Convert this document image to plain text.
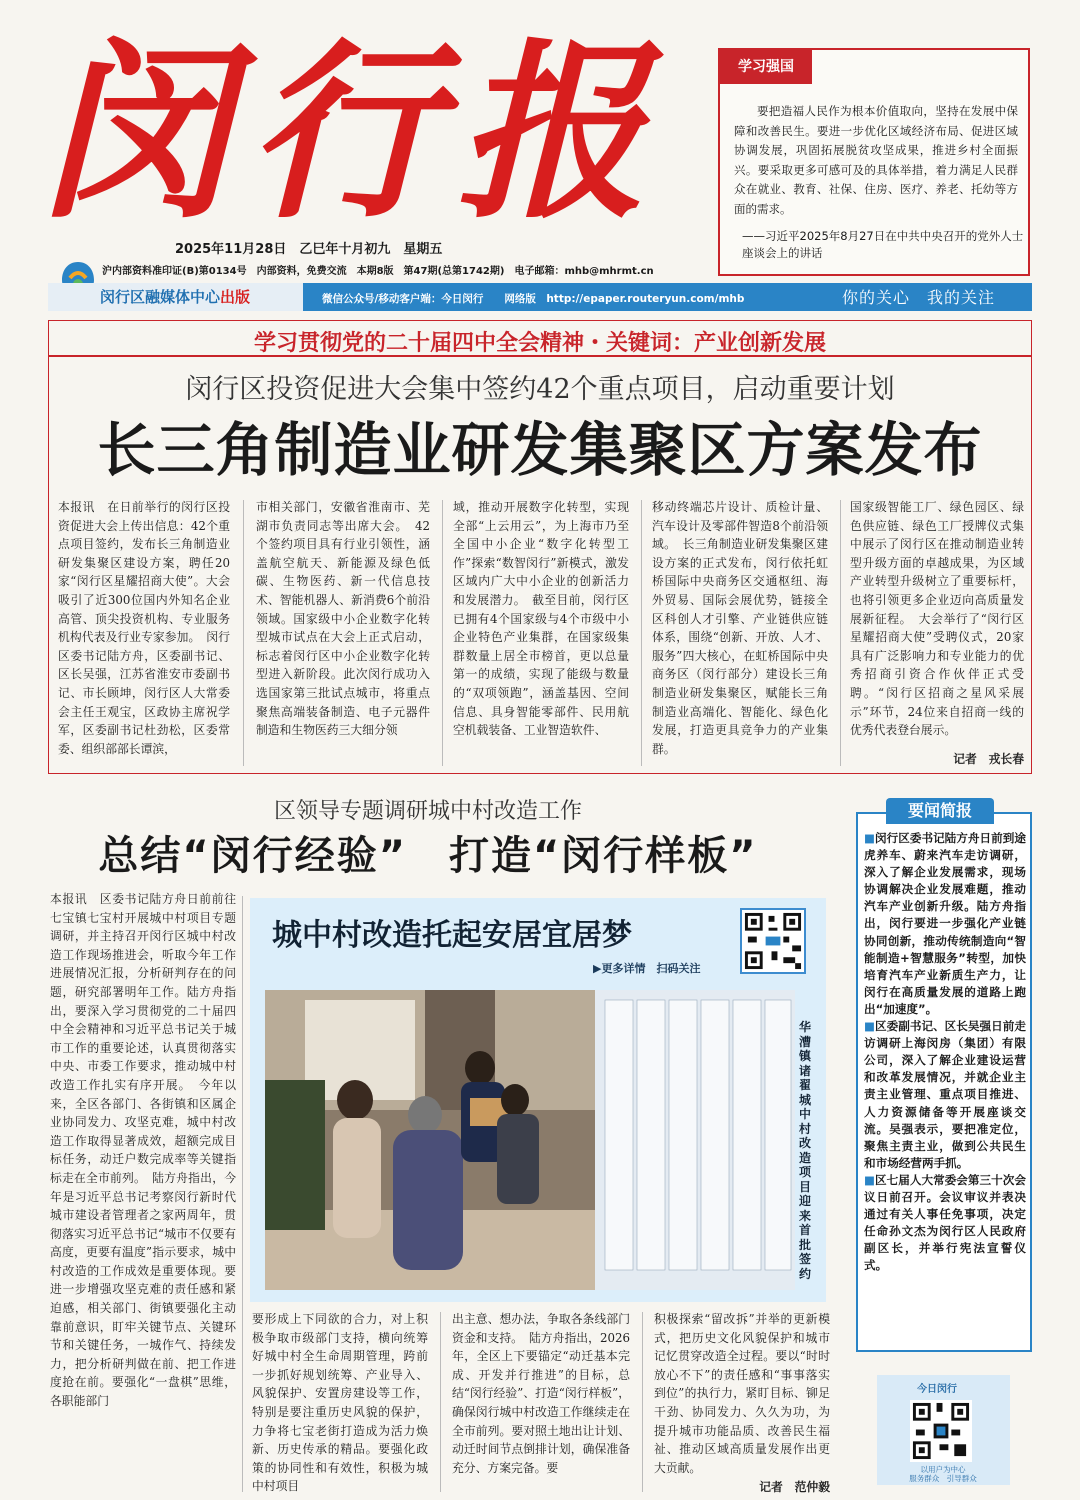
闵行报
2025年11月28日　乙巳年十月初九　星期五
学习强国
要把造福人民作为根本价值取向，坚持在发展中保障和改善民生。要进一步优化区域经济布局、促进区域协调发展，巩固拓展脱贫攻坚成果，推进乡村全面振兴。要采取更多可感可及的具体举措，着力满足人民群众在就业、教育、社保、住房、医疗、养老、托幼等方面的需求。
——习近平2025年8月27日在中共中央召开的党外人士座谈会上的讲话
沪内部资料准印证(B)第0134号　内部资料，免费交流　本期8版　第47期(总第1742期)　电子邮箱：mhb@mhrmt.cn
闵行区融媒体中心出版	微信公众号/移动客户端：今日闵行　　网络版　http://epaper.routeryun.com/mhb	你的关心　我的关注
学习贯彻党的二十届四中全会精神・关键词：产业创新发展
闵行区投资促进大会集中签约42个重点项目，启动重要计划
长三角制造业研发集聚区方案发布
本报讯　在日前举行的闵行区投资促进大会上传出信息：42个重点项目签约，发布长三角制造业研发集聚区建设方案，聘任20家“闵行区星耀招商大使”。大会吸引了近300位国内外知名企业高管、顶尖投资机构、专业服务机构代表及行业专家参加。　闵行区委书记陆方舟，区委副书记、区长吴强，江苏省淮安市委副书记、市长顾坤，闵行区人大常委会主任王观宝，区政协主席祝学军，区委副书记杜劲松，区委常委、组织部部长谭滨，
市相关部门，安徽省淮南市、芜湖市负责同志等出席大会。　42个签约项目具有行业引领性，涵盖航空航天、新能源及绿色低碳、生物医药、新一代信息技术、智能机器人、新消费6个前沿领域。国家级中小企业数字化转型城市试点在大会上正式启动，标志着闵行区中小企业数字化转型进入新阶段。此次闵行成功入选国家第三批试点城市，将重点聚焦高端装备制造、电子元器件制造和生物医药三大细分领
域，推动开展数字化转型，实现全部“上云用云”，为上海市乃至全国中小企业“数字化转型工作”探索“数智闵行”新模式，激发区域内广大中小企业的创新活力和发展潜力。　截至目前，闵行区已拥有4个国家级与4个市级中小企业特色产业集群，在国家级集群数量上居全市榜首，更以总量第一的成绩，实现了能级与数量的“双项领跑”，涵盖基因、空间信息、具身智能零部件、民用航空机载装备、工业智造软件、
移动终端芯片设计、质检计量、汽车设计及零部件智造8个前沿领域。　长三角制造业研发集聚区建设方案的正式发布，闵行依托虹桥国际中央商务区交通枢纽、海外贸易、国际会展优势，链接全区科创人才引擎、产业链供应链体系，围绕“创新、开放、人才、服务”四大核心，在虹桥国际中央商务区（闵行部分）建设长三角制造业研发集聚区，赋能长三角制造业高端化、智能化、绿色化发展，打造更具竞争力的产业集群。
国家级智能工厂、绿色园区、绿色供应链、绿色工厂授牌仪式集中展示了闵行区在推动制造业转型升级方面的卓越成果，为区域产业转型升级树立了重要标杆，也将引领更多企业迈向高质量发展新征程。　大会举行了“闵行区星耀招商大使”受聘仪式，20家具有广泛影响力和专业能力的优秀招商引资合作伙伴正式受聘。“闵行区招商之星风采展示”环节，24位来自招商一线的优秀代表登台展示。
记者　戎长春
区领导专题调研城中村改造工作
总结“闵行经验”　打造“闵行样板”
本报讯　区委书记陆方舟日前前往七宝镇七宝村开展城中村项目专题调研，并主持召开闵行区城中村改造工作现场推进会，听取今年工作进展情况汇报，分析研判存在的问题，研究部署明年工作。陆方舟指出，要深入学习贯彻党的二十届四中全会精神和习近平总书记关于城市工作的重要论述，认真贯彻落实中央、市委工作要求，推动城中村改造工作扎实有序开展。　今年以来，全区各部门、各街镇和区属企业协同发力、攻坚克难，城中村改造工作取得显著成效，超额完成目标任务，动迁户数完成率等关键指标走在全市前列。　陆方舟指出，今年是习近平总书记考察闵行新时代城市建设者管理者之家两周年，贯彻落实习近平总书记“城市不仅要有高度，更要有温度”指示要求，城中村改造的工作成效是重要体现。要进一步增强攻坚克难的责任感和紧迫感，相关部门、街镇要强化主动靠前意识，盯牢关键节点、关键环节和关键任务，一城作气、持续发力，把分析研判做在前、把工作进度抢在前。要强化“一盘棋”思维，各职能部门
要形成上下同欲的合力，对上积极争取市级部门支持，横向统筹好城中村全生命周期管理，跨前一步抓好规划统筹、产业导入、风貌保护、安置房建设等工作，特别是要注重历史风貌的保护，力争将七宝老街打造成为活力焕新、历史传承的精品。要强化政策的协同性和有效性，积极为城中村项目
出主意、想办法，争取各条线部门资金和支持。　陆方舟指出，2026年，全区上下要锚定“动迁基本完成、开发并行推进”的目标，总结“闵行经验”、打造“闵行样板”，确保闵行城中村改造工作继续走在全市前列。要对照土地出让计划、动迁时间节点倒排计划，确保准备充分、方案完备。要
积极探索“留改拆”并举的更新模式，把历史文化风貌保护和城市记忆贯穿改造全过程。要以“时时放心不下”的责任感和“事事落实到位”的执行力，紧盯目标、铆足干劲、协同发力、久久为功，为提升城市功能品质、改善民生福祉、推动区域高质量发展作出更大贡献。
记者　范仲毅
城中村改造托起安居宜居梦
▶更多详情　扫码关注
华漕镇诸翟城中村改造项目迎来首批签约
要闻简报

■闵行区委书记陆方舟日前到途虎养车、蔚来汽车走访调研，深入了解企业发展需求，现场协调解决企业发展难题，推动汽车产业创新升级。陆方舟指出，闵行要进一步强化产业链协同创新，推动传统制造向“智能制造+智慧服务”转型，加快培育汽车产业新质生产力，让闵行在高质量发展的道路上跑出“加速度”。

■区委副书记、区长吴强日前走访调研上海闵房（集团）有限公司，深入了解企业建设运营和改革发展情况，并就企业主责主业管理、重点项目推进、人力资源储备等开展座谈交流。吴强表示，要把准定位，聚焦主责主业，做到公共民生和市场经营两手抓。

■区七届人大常委会第三十次会议日前召开。会议审议并表决通过有关人事任免事项，决定任命孙文杰为闵行区人民政府副区长，并举行宪法宣誓仪式。

今日闵行
以用户为中心
服务群众　引导群众
